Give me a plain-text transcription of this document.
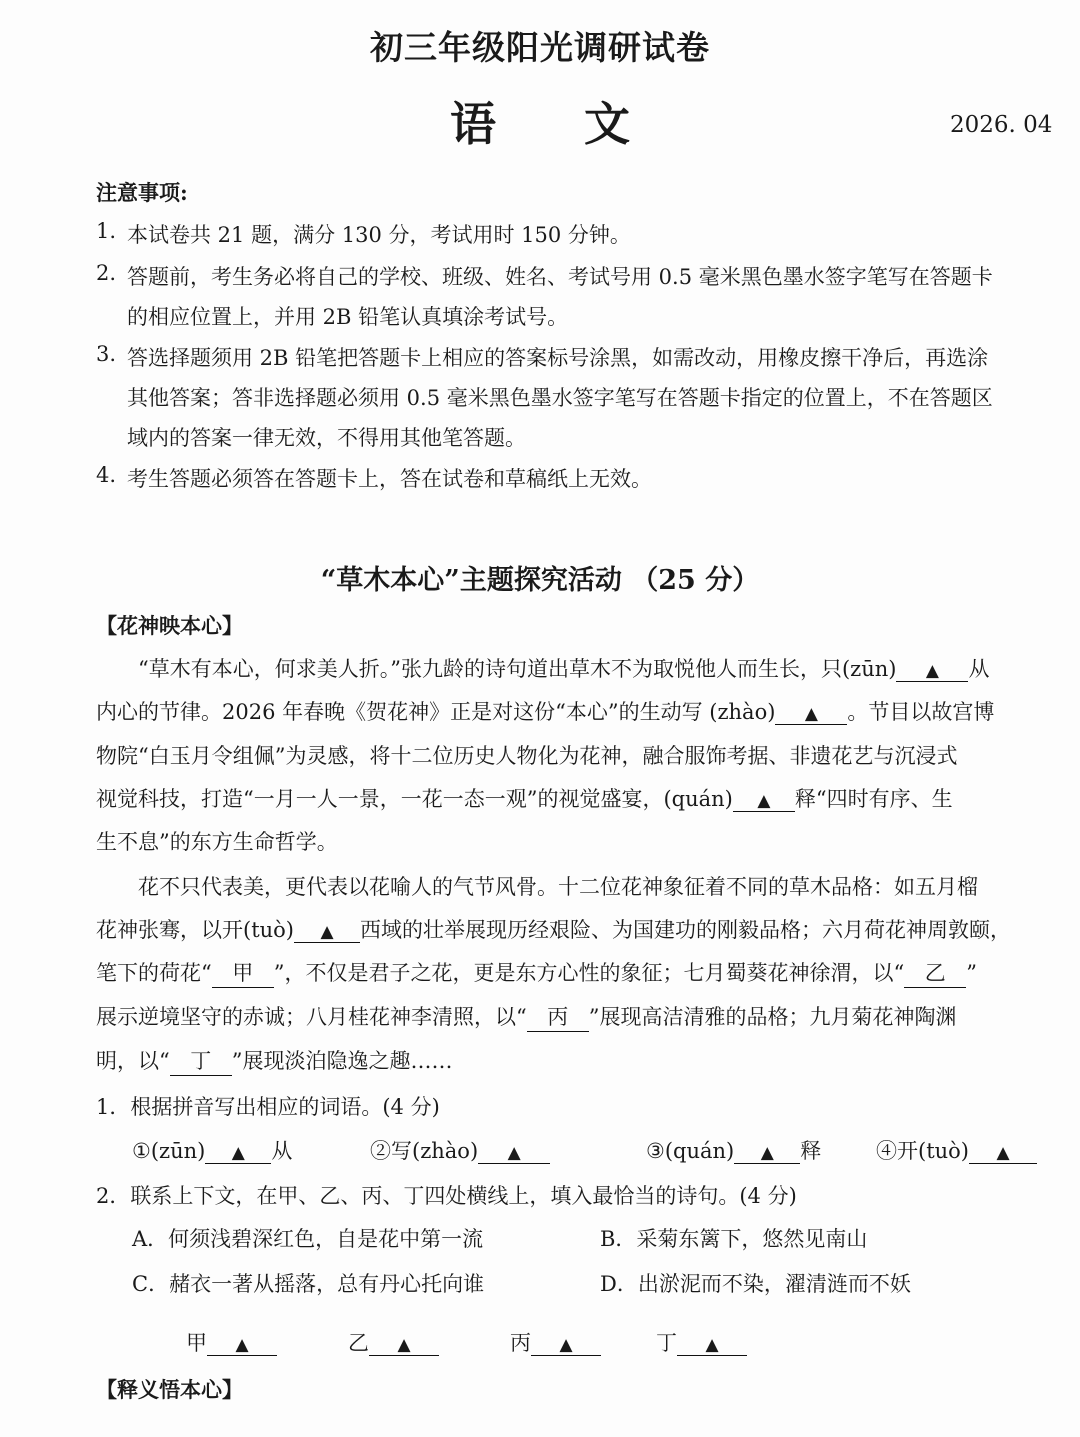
初三年级阳光调研试卷
语 文	2026. 04
注意事项:
1. 本试卷共 21 题，满分 130 分，考试用时 150 分钟。
2. 答题前，考生务必将自己的学校、班级、姓名、考试号用 0.5 毫米黑色墨水签字笔写在答题卡
的相应位置上，并用 2B 铅笔认真填涂考试号。
3. 答选择题须用 2B 铅笔把答题卡上相应的答案标号涂黑，如需改动，用橡皮擦干净后，再选涂
其他答案；答非选择题必须用 0.5 毫米黑色墨水签字笔写在答题卡指定的位置上，不在答题区
域内的答案一律无效，不得用其他笔答题。
4. 考生答题必须答在答题卡上，答在试卷和草稿纸上无效。
“草木本心”主题探究活动 （25 分）
【花神映本心】
“草木有本心，何求美人折。”张九龄的诗句道出草木不为取悦他人而生长，只(zūn) ▲ 从
内心的节律。2026 年春晚《贺花神》正是对这份“本心”的生动写 (zhào) ▲ 。节目以故宫博
物院“白玉月令组佩”为灵感，将十二位历史人物化为花神，融合服饰考据、非遗花艺与沉浸式
视觉科技，打造“一月一人一景，一花一态一观”的视觉盛宴，(quán) ▲ 释“四时有序、生
生不息”的东方生命哲学。
花不只代表美，更代表以花喻人的气节风骨。十二位花神象征着不同的草木品格：如五月榴
花神张骞，以开(tuò) ▲ 西域的壮举展现历经艰险、为国建功的刚毅品格；六月荷花神周敦颐，
笔下的荷花“ 甲 ”，不仅是君子之花，更是东方心性的象征；七月蜀葵花神徐渭，以“ 乙 ”
展示逆境坚守的赤诚；八月桂花神李清照，以“ 丙 ”展现高洁清雅的品格；九月菊花神陶渊
明，以“ 丁 ”展现淡泊隐逸之趣……
1．根据拼音写出相应的词语。(4 分)
①(zūn) ▲ 从	②写(zhào) ▲	③(quán) ▲ 释	④开(tuò) ▲
2．联系上下文，在甲、乙、丙、丁四处横线上，填入最恰当的诗句。(4 分)
A．何须浅碧深红色，自是花中第一流	B．采菊东篱下，悠然见南山
C．赭衣一著从摇落，总有丹心托向谁	D．出淤泥而不染，濯清涟而不妖
甲 ▲	乙 ▲	丙 ▲	丁 ▲
【释义悟本心】
